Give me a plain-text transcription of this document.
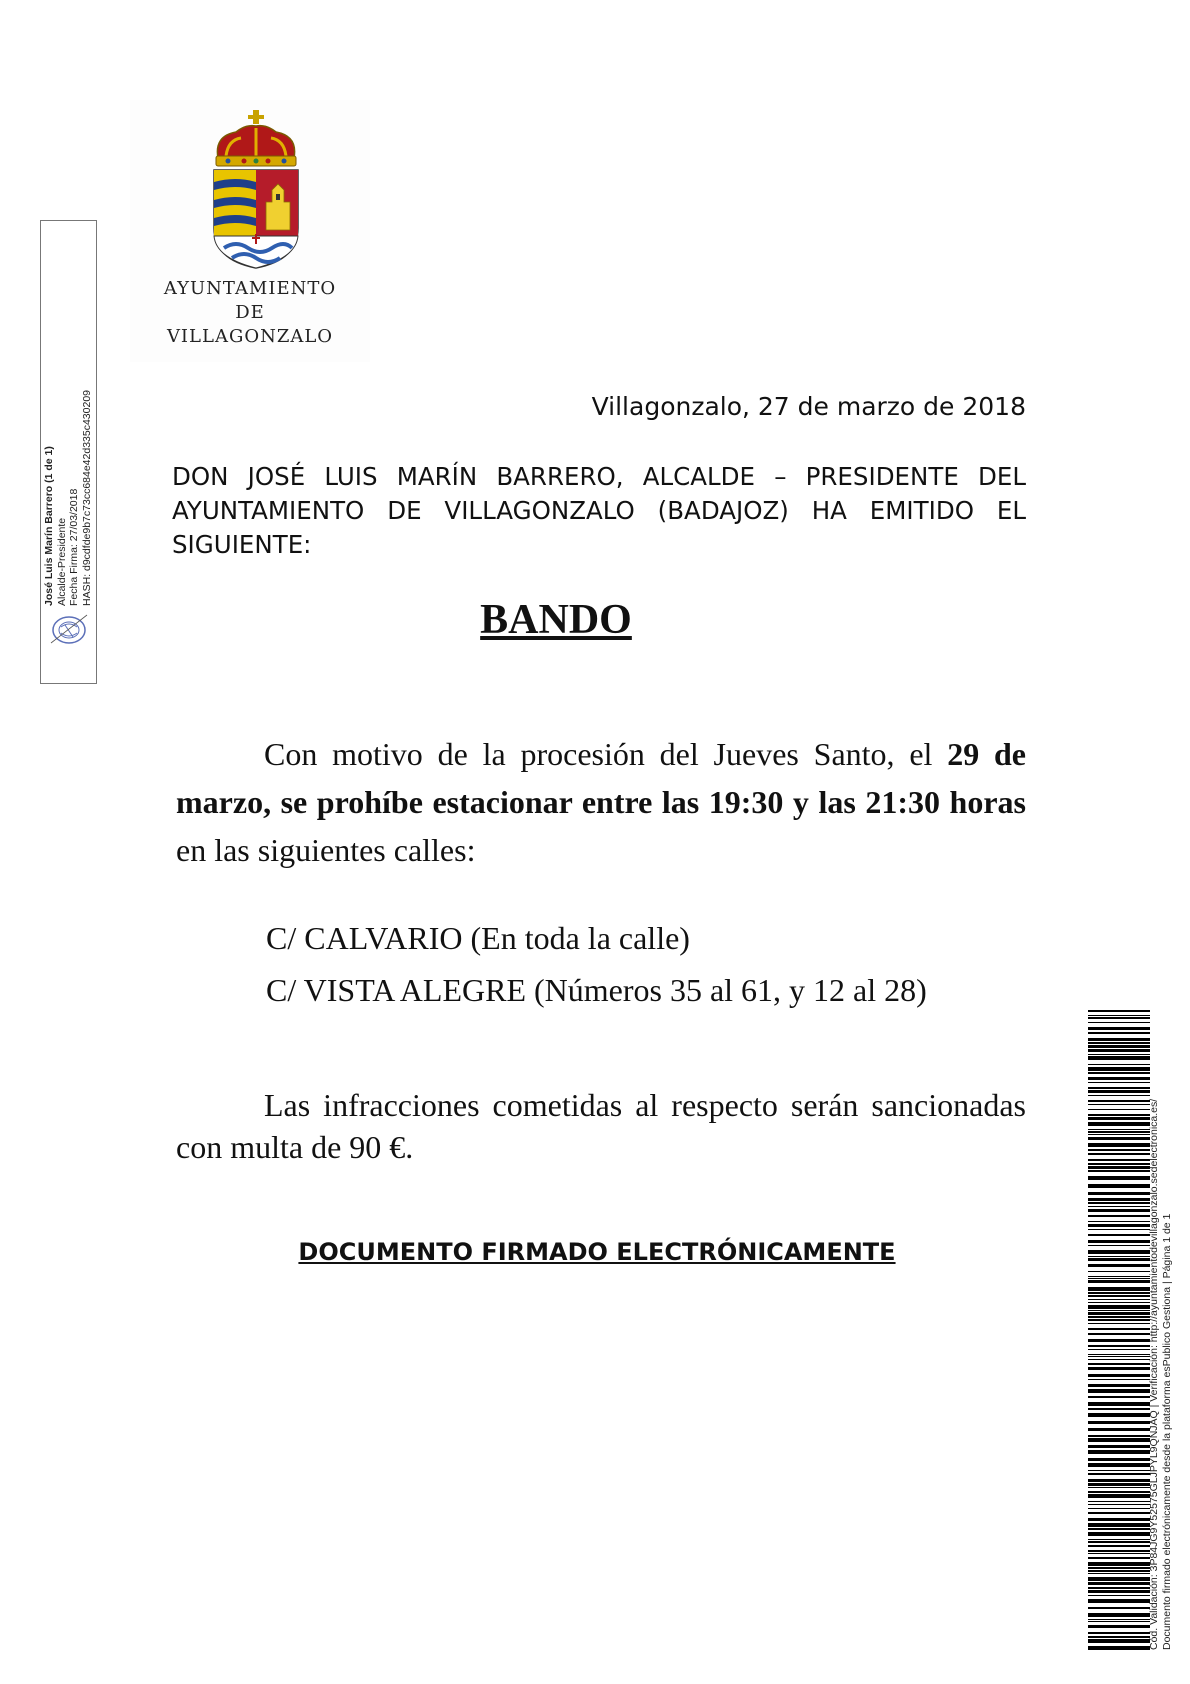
AYUNTAMIENTO
DE
VILLAGONZALO
José Luis Marín Barrero (1 de 1) Alcalde-Presidente Fecha Firma: 27/03/2018 HASH: d9cdfde9b7c73cc684e42d335c430209	Villagonzalo, 27 de marzo de 2018
DON JOSÉ LUIS MARÍN BARRERO, ALCALDE – PRESIDENTE DEL AYUNTAMIENTO DE VILLAGONZALO (BADAJOZ) HA EMITIDO EL SIGUIENTE:
BANDO
Con motivo de la procesión del Jueves Santo, el 29 de marzo, se prohíbe estacionar entre las 19:30 y las 21:30 horas en las siguientes calles:
C/ CALVARIO (En toda la calle)
C/ VISTA ALEGRE (Números 35 al 61, y 12 al 28)
Las infracciones cometidas al respecto serán sancionadas con multa de 90 €.
DOCUMENTO FIRMADO ELECTRÓNICAMENTE	Cód. Validación: 3P84JG9Y52575GLJPYL9QNJAQ | Verificación: http://ayuntamientodevillagonzalo.sedelectronica.es/ Documento firmado electrónicamente desde la plataforma esPublico Gestiona | Página 1 de 1
